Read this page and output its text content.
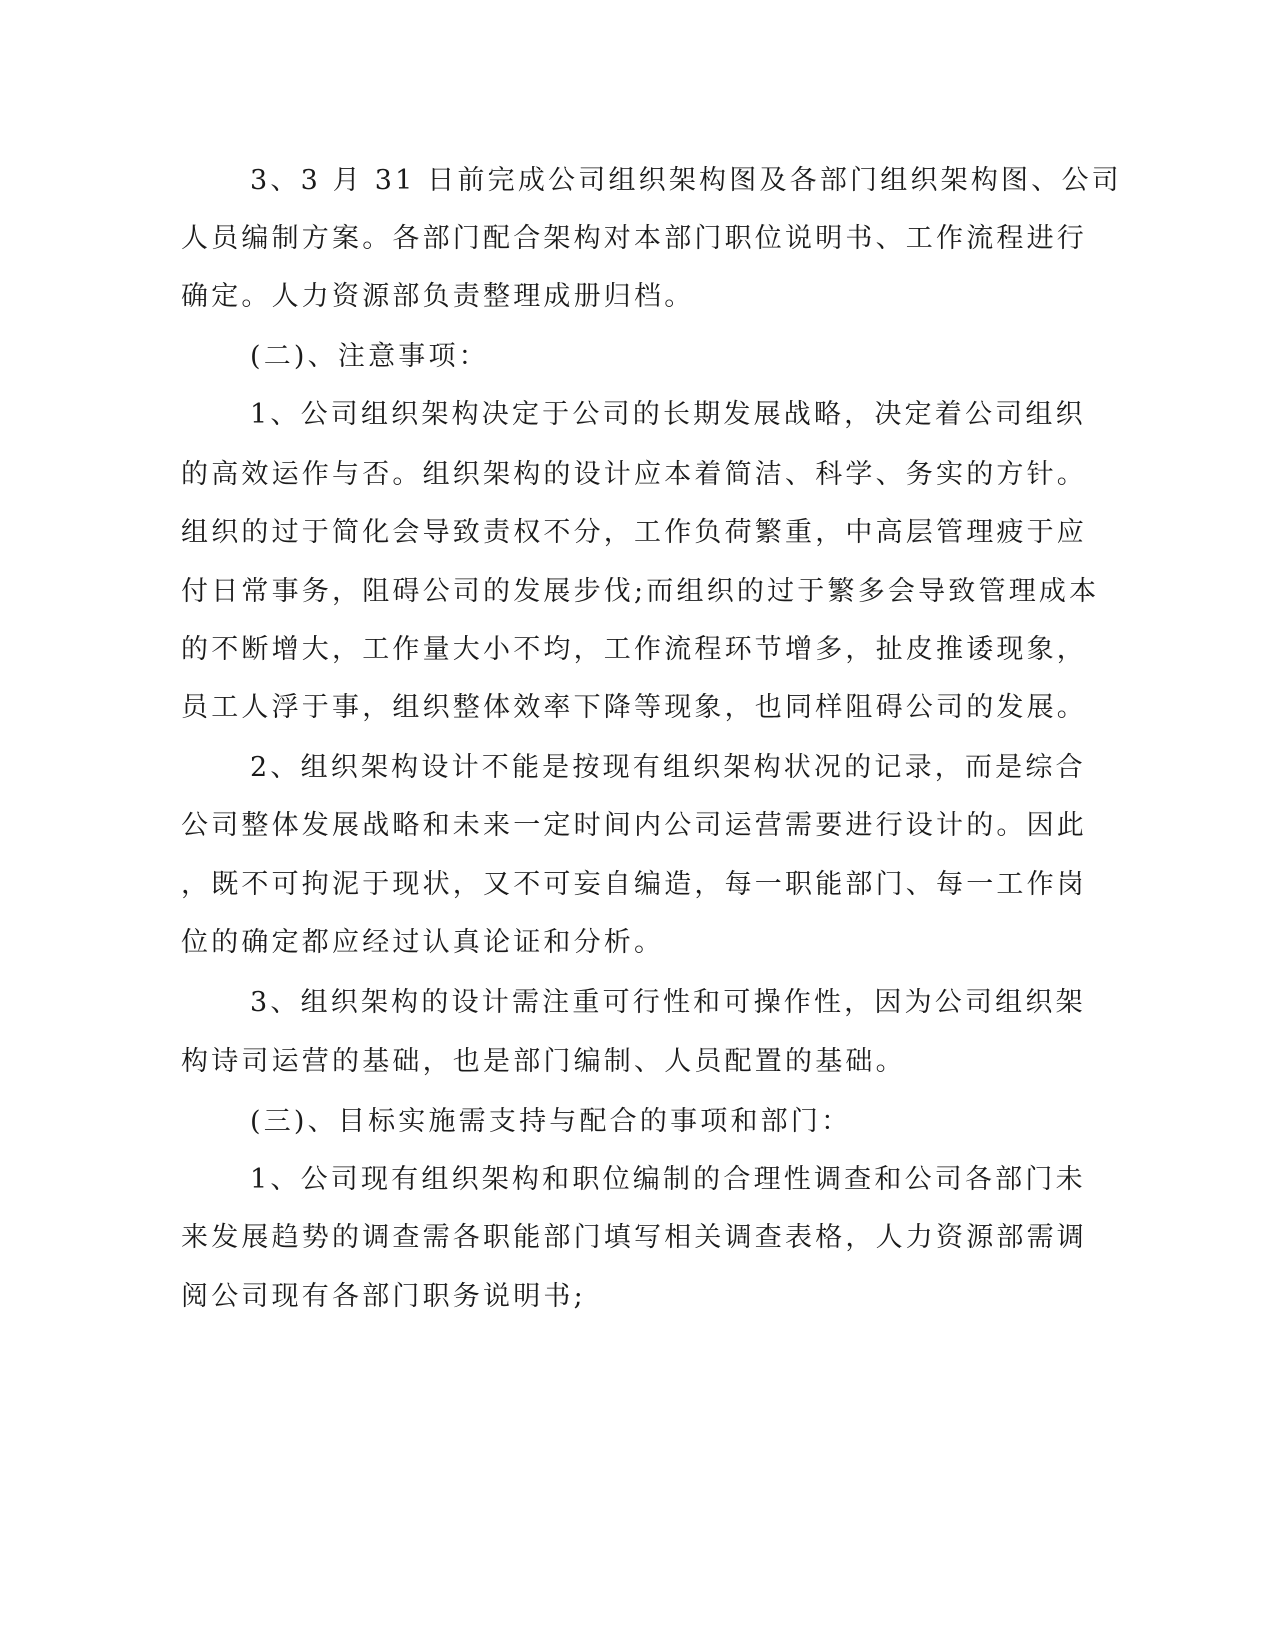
3、3 月 31 日前完成公司组织架构图及各部门组织架构图、公司
人员编制方案。各部门配合架构对本部门职位说明书、工作流程进行
确定。人力资源部负责整理成册归档。
(二)、注意事项：
1、公司组织架构决定于公司的长期发展战略，决定着公司组织
的高效运作与否。组织架构的设计应本着简洁、科学、务实的方针。
组织的过于简化会导致责权不分，工作负荷繁重，中高层管理疲于应
付日常事务，阻碍公司的发展步伐;而组织的过于繁多会导致管理成本
的不断增大，工作量大小不均，工作流程环节增多，扯皮推诿现象，
员工人浮于事，组织整体效率下降等现象，也同样阻碍公司的发展。
2、组织架构设计不能是按现有组织架构状况的记录，而是综合
公司整体发展战略和未来一定时间内公司运营需要进行设计的。因此
，既不可拘泥于现状，又不可妄自编造，每一职能部门、每一工作岗
位的确定都应经过认真论证和分析。
3、组织架构的设计需注重可行性和可操作性，因为公司组织架
构诗司运营的基础，也是部门编制、人员配置的基础。
(三)、目标实施需支持与配合的事项和部门：
1、公司现有组织架构和职位编制的合理性调查和公司各部门未
来发展趋势的调查需各职能部门填写相关调查表格，人力资源部需调
阅公司现有各部门职务说明书;
